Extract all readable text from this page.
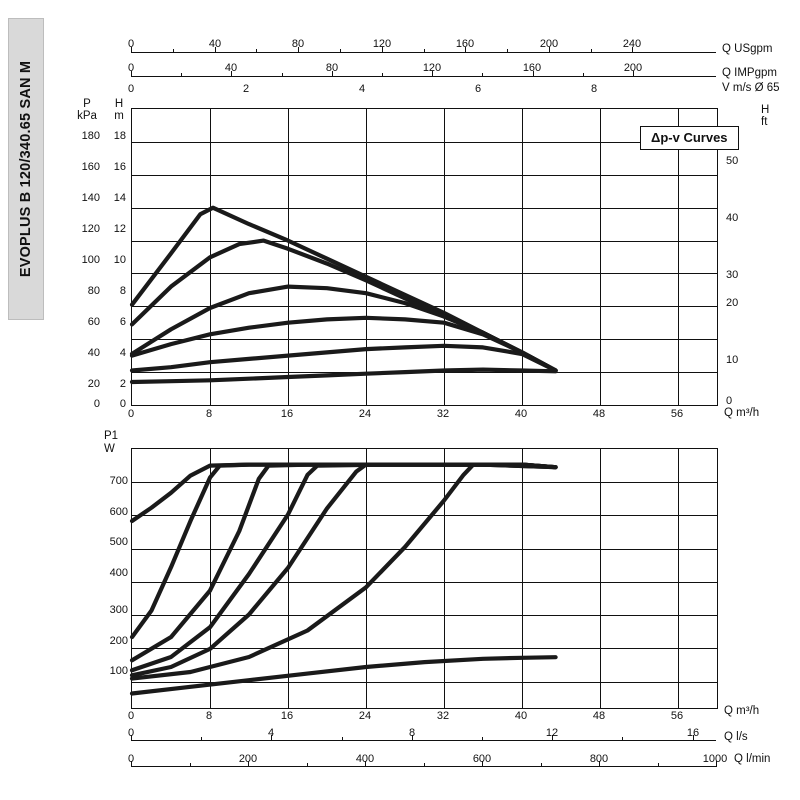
EVOPLUS B 120/340.65 SAN M
0	40	80	120	160	200	240	Q USgpm
0	40	80	120	160	200	Q IMPgpm
0	2	4	6	8	V m/s Ø 65
P
kPa
H
m	H
ft
180
160
140
120
100
80
60
40
20
0
18
16
14
12
10
8
6
4
2
0
50
40
30
20
10
0
Δp-v Curves
0	8	16	24	32	40	48	56	Q m³/h
P1
W
700
600
500
400
300
200
100
0	8	16	24	32	40	48	56	Q m³/h
0	4	8	12	16	Q l/s
0	200	400	600	800	1000 Q l/min
